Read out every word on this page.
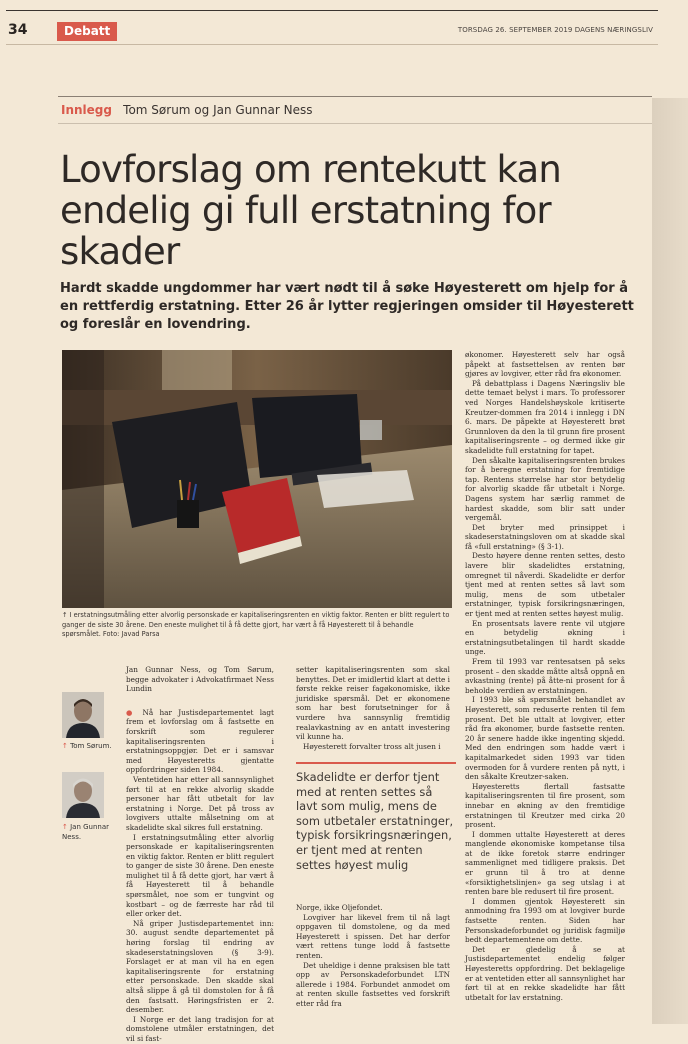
34	Debatt	TORSDAG 26. SEPTEMBER 2019 DAGENS NÆRINGSLIV
Innlegg Tom Sørum og Jan Gunnar Ness
Lovforslag om rentekutt kan endelig gi full erstatning for skader

Hardt skadde ungdommer har vært nødt til å søke Høyesterett om hjelp for å en rettferdig erstatning. Etter 26 år lytter regjeringen omsider til Høyesterett og foreslår en lovendring.

↑ I erstatningsutmåling etter alvorlig personskade er kapitaliseringsrenten en viktig faktor. Renten er blitt regulert to ganger de siste 30 årene. Den eneste mulighet til å få dette gjort, har vært å få Høyesterett til å behandle spørsmålet. Foto: Javad Parsa
↑ Tom Sørum.
↑ Jan Gunnar Ness.
Jan Gunnar Ness, og Tom Sørum, begge advokater i Advokatfirmaet Ness Lundin

● Nå har Justisdepartementet lagt frem et lovforslag om å fastsette en forskrift som regulerer kapitaliseringsrenten i erstatningsoppgjør. Det er i samsvar med Høyesteretts gjentatte oppfordringer siden 1984.

Ventetiden har etter all sannsynlighet ført til at en rekke alvorlig skadde personer har fått utbetalt for lav erstatning i Norge. Det på tross av lovgivers uttalte målsetning om at skadelidte skal sikres full erstatning.

I erstatningsutmåling etter alvorlig personskade er kapitaliseringsrenten en viktig faktor. Renten er blitt regulert to ganger de siste 30 årene. Den eneste mulighet til å få dette gjort, har vært å få Høyesterett til å behandle spørsmålet, noe som er tungvint og kostbart – og de færreste har råd til eller orker det.

Nå griper Justisdepartementet inn: 30. august sendte departementet på høring forslag til endring av skadeserstatningsloven (§ 3-9). Forslaget er at man vil ha en egen kapitaliseringsrente for erstatning etter personskade. Den skadde skal altså slippe å gå til domstolen for å få den fastsatt. Høringsfristen er 2. desember.

I Norge er det lang tradisjon for at domstolene utmåler erstatningen, det vil si fast-

setter kapitaliseringsrenten som skal benyttes. Det er imidlertid klart at dette i første rekke reiser fagøkonomiske, ikke juridiske spørsmål. Det er økonomene som har best forutsetninger for å vurdere hva sannsynlig fremtidig realavkastning av en antatt investering vil kunne ha.

Høyesterett forvalter tross alt jusen i

Skadelidte er derfor tjent med at renten settes så lavt som mulig, mens de som utbetaler erstatninger, typisk forsikringsnæringen, er tjent med at renten settes høyest mulig

Norge, ikke Oljefondet.

Lovgiver har likevel frem til nå lagt oppgaven til domstolene, og da med Høyesterett i spissen. Det har derfor vært rettens tunge lodd å fastsette renten.

Det uheldige i denne praksisen ble tatt opp av Personskadeforbundet LTN allerede i 1984. Forbundet anmodet om at renten skulle fastsettes ved forskrift etter råd fra

økonomer. Høyesterett selv har også påpekt at fastsettelsen av renten bør gjøres av lovgiver, etter råd fra økonomer.

På debattplass i Dagens Næringsliv ble dette temaet belyst i mars. To professorer ved Norges Handelshøyskole kritiserte Kreutzer-dommen fra 2014 i innlegg i DN 6. mars. De påpekte at Høyesterett brøt Grunnloven da den la til grunn fire prosent kapitaliseringsrente – og dermed ikke gir skadelidte full erstatning for tapet.

Den såkalte kapitaliseringsrenten brukes for å beregne erstatning for fremtidige tap. Rentens størrelse har stor betydelig for alvorlig skadde får utbetalt i Norge. Dagens system har særlig rammet de hardest skadde, som blir satt under vergemål.

Det bryter med prinsippet i skadeserstatningsloven om at skadde skal få «full erstatning» (§ 3-1).

Desto høyere denne renten settes, desto lavere blir skadelidtes erstatning, omregnet til nåverdi. Skadelidte er derfor tjent med at renten settes så lavt som mulig, mens de som utbetaler erstatninger, typisk forsikringsnæringen, er tjent med at renten settes høyest mulig.

En prosentsats lavere rente vil utgjøre en betydelig økning i erstatningsutbetalingen til hardt skadde unge.

Frem til 1993 var rentesatsen på seks prosent – den skadde måtte altså oppnå en avkastning (rente) på åtte-ni prosent for å beholde verdien av erstatningen.

I 1993 ble så spørsmålet behandlet av Høyesterett, som reduserte renten til fem prosent. Det ble uttalt at lovgiver, etter råd fra økonomer, burde fastsette renten. 20 år senere hadde ikke ingenting skjedd. Med den endringen som hadde vært i kapitalmarkedet siden 1993 var tiden overmoden for å vurdere renten på nytt, i den såkalte Kreutzer-saken.

Høyesteretts flertall fastsatte kapitaliseringsrenten til fire prosent, som innebar en økning av den fremtidige erstatningen til Kreutzer med cirka 20 prosent.

I dommen uttalte Høyesterett at deres manglende økonomiske kompetanse tilsa at de ikke foretok større endringer sammenlignet med tidligere praksis. Det er grunn til å tro at denne «forsiktighetslinjen» ga seg utslag i at renten bare ble redusert til fire prosent.

I dommen gjentok Høyesterett sin anmodning fra 1993 om at lovgiver burde fastsette renten. Siden har Personskadeforbundet og juridisk fagmiljø bedt departementene om dette.

Det er gledelig å se at Justisdepartementet endelig følger Høyesteretts oppfordring. Det beklagelige er at ventetiden etter all sannsynlighet har ført til at en rekke skadelidte har fått utbetalt for lav erstatning.
